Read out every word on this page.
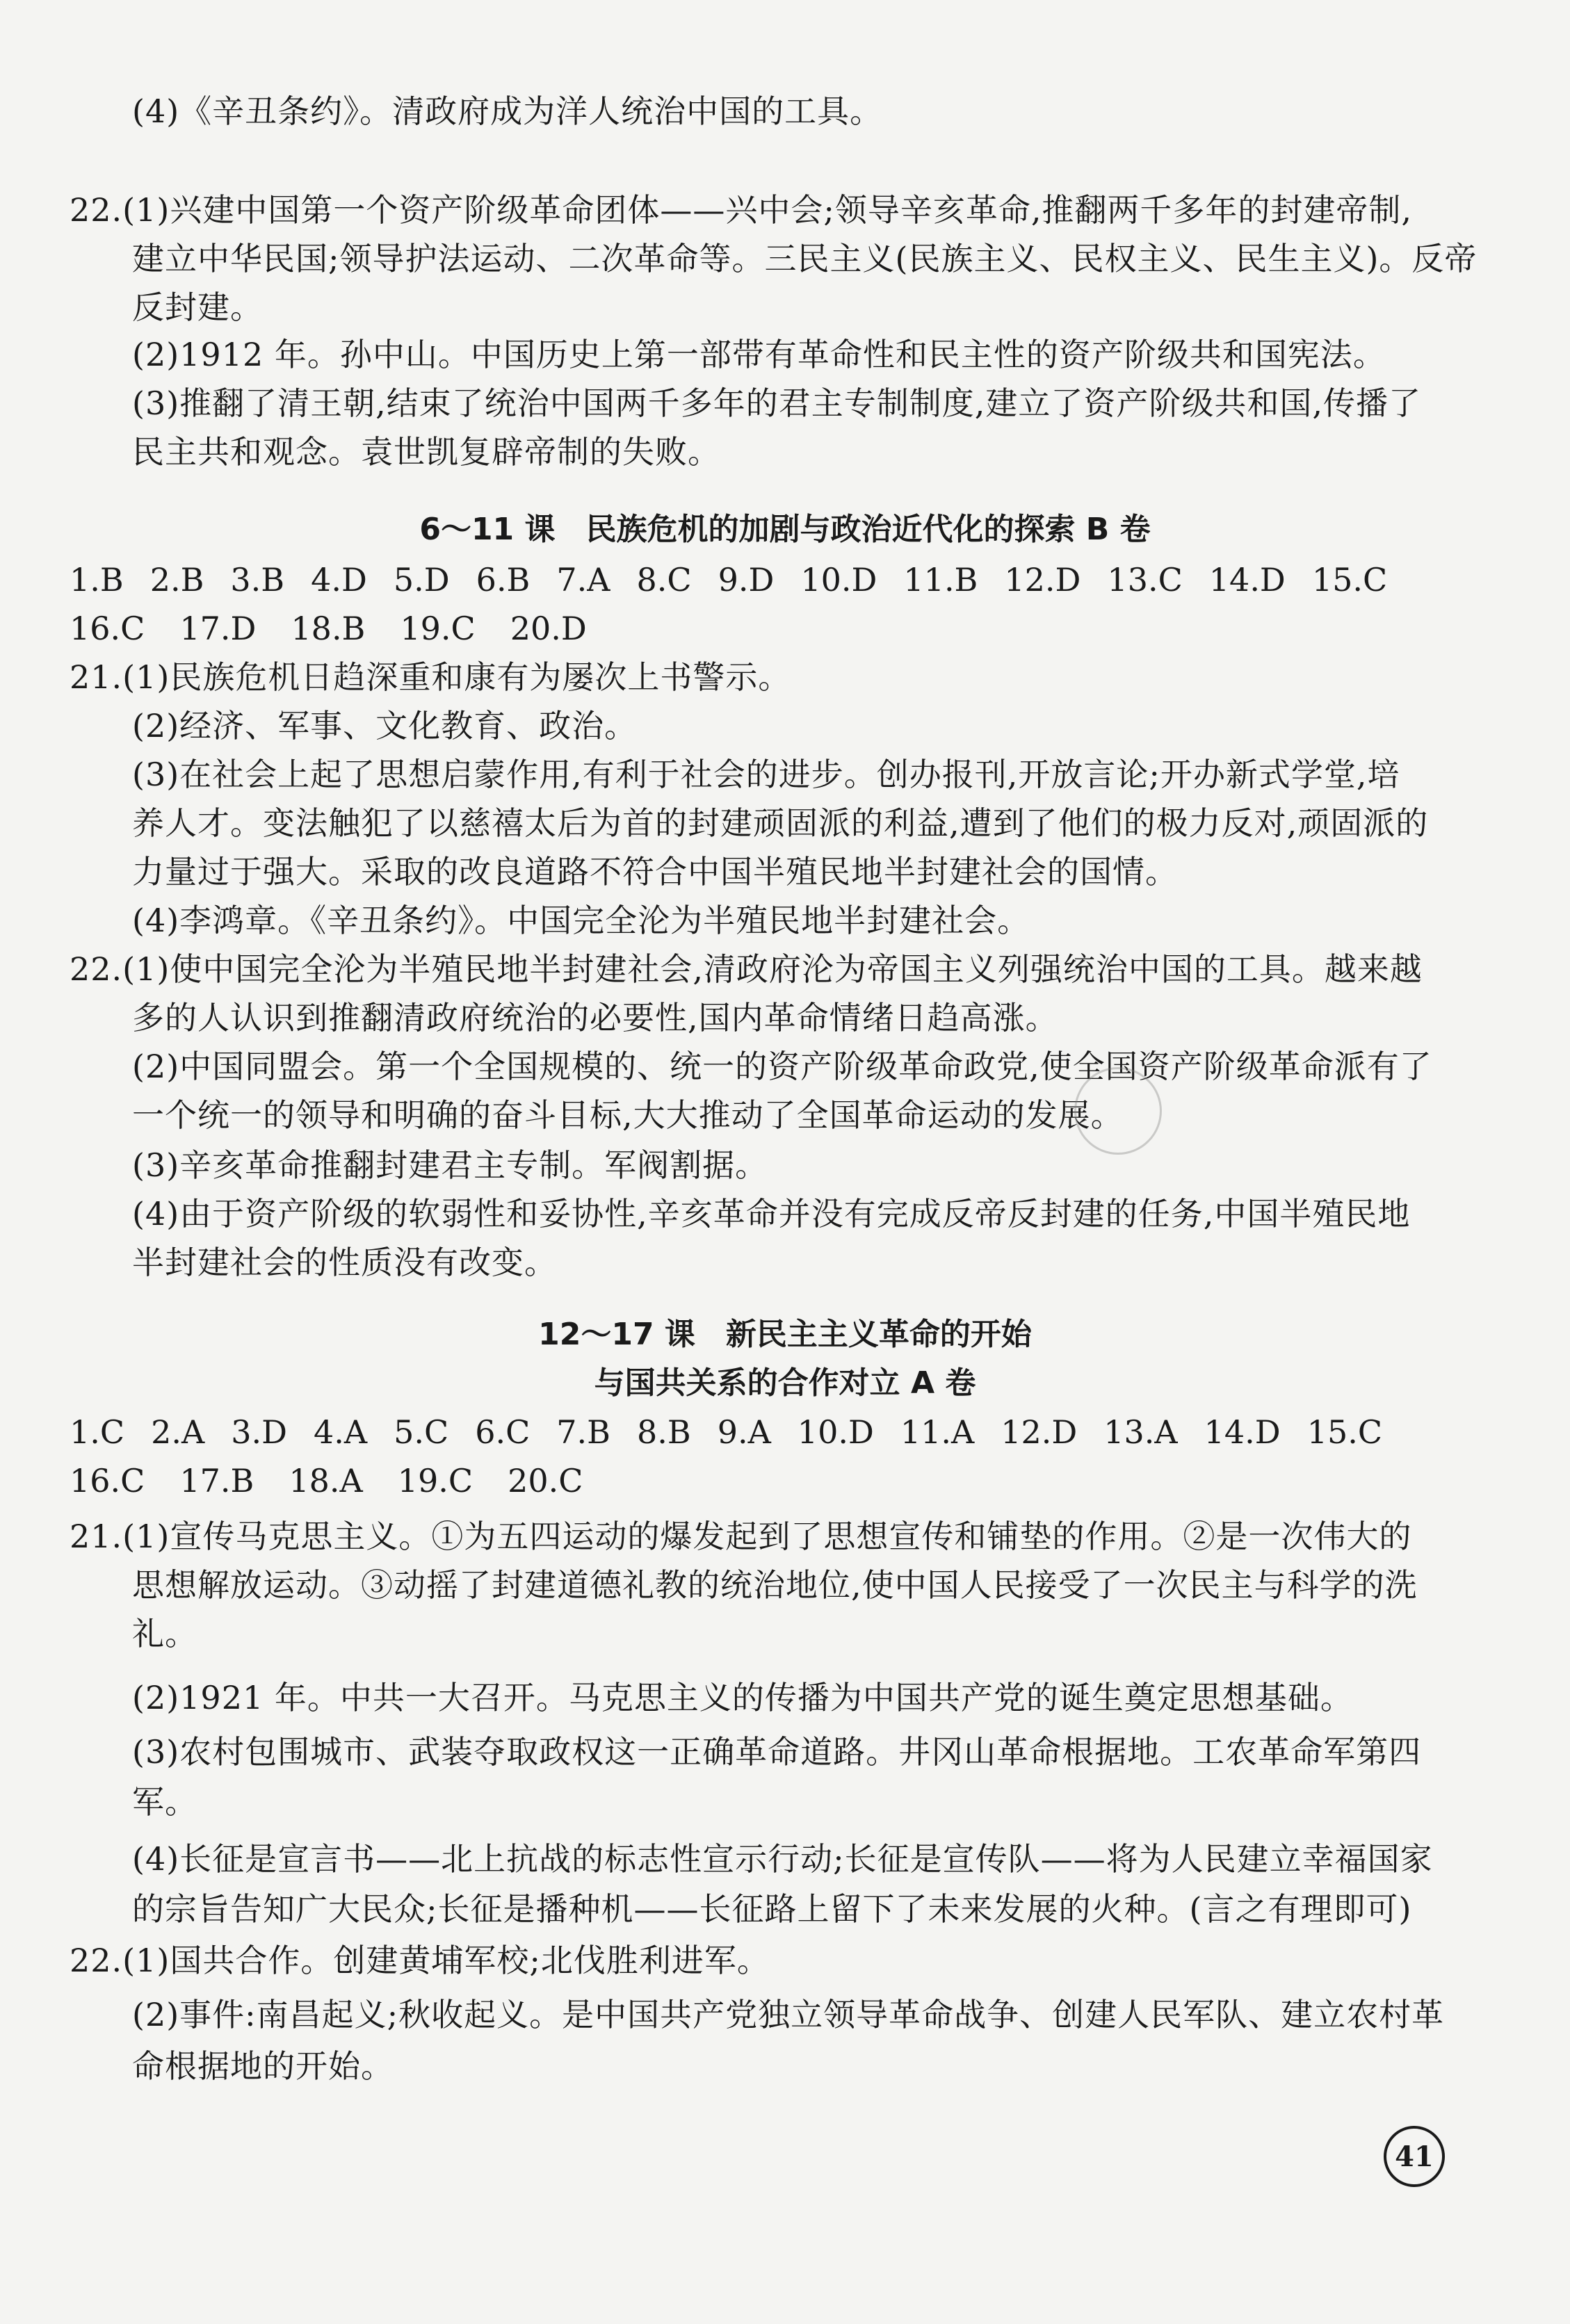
(4)《辛丑条约》。清政府成为洋人统治中国的工具。
22.(1)兴建中国第一个资产阶级革命团体——兴中会;领导辛亥革命,推翻两千多年的封建帝制,
建立中华民国;领导护法运动、二次革命等。三民主义(民族主义、民权主义、民生主义)。反帝
反封建。
(2)1912 年。孙中山。中国历史上第一部带有革命性和民主性的资产阶级共和国宪法。
(3)推翻了清王朝,结束了统治中国两千多年的君主专制制度,建立了资产阶级共和国,传播了
民主共和观念。袁世凯复辟帝制的失败。
6～11 课　民族危机的加剧与政治近代化的探索 B 卷
1.B 2.B 3.B 4.D 5.D 6.B 7.A 8.C 9.D 10.D 11.B 12.D 13.C 14.D 15.C
16.C 17.D 18.B 19.C 20.D
21.(1)民族危机日趋深重和康有为屡次上书警示。
(2)经济、军事、文化教育、政治。
(3)在社会上起了思想启蒙作用,有利于社会的进步。创办报刊,开放言论;开办新式学堂,培
养人才。变法触犯了以慈禧太后为首的封建顽固派的利益,遭到了他们的极力反对,顽固派的
力量过于强大。采取的改良道路不符合中国半殖民地半封建社会的国情。
(4)李鸿章。《辛丑条约》。中国完全沦为半殖民地半封建社会。
22.(1)使中国完全沦为半殖民地半封建社会,清政府沦为帝国主义列强统治中国的工具。越来越
多的人认识到推翻清政府统治的必要性,国内革命情绪日趋高涨。
(2)中国同盟会。第一个全国规模的、统一的资产阶级革命政党,使全国资产阶级革命派有了
一个统一的领导和明确的奋斗目标,大大推动了全国革命运动的发展。
(3)辛亥革命推翻封建君主专制。军阀割据。
(4)由于资产阶级的软弱性和妥协性,辛亥革命并没有完成反帝反封建的任务,中国半殖民地
半封建社会的性质没有改变。
12～17 课　新民主主义革命的开始
与国共关系的合作对立 A 卷
1.C 2.A 3.D 4.A 5.C 6.C 7.B 8.B 9.A 10.D 11.A 12.D 13.A 14.D 15.C
16.C 17.B 18.A 19.C 20.C
21.(1)宣传马克思主义。①为五四运动的爆发起到了思想宣传和铺垫的作用。②是一次伟大的
思想解放运动。③动摇了封建道德礼教的统治地位,使中国人民接受了一次民主与科学的洗
礼。
(2)1921 年。中共一大召开。马克思主义的传播为中国共产党的诞生奠定思想基础。
(3)农村包围城市、武装夺取政权这一正确革命道路。井冈山革命根据地。工农革命军第四
军。
(4)长征是宣言书——北上抗战的标志性宣示行动;长征是宣传队——将为人民建立幸福国家
的宗旨告知广大民众;长征是播种机——长征路上留下了未来发展的火种。(言之有理即可)
22.(1)国共合作。创建黄埔军校;北伐胜利进军。
(2)事件:南昌起义;秋收起义。是中国共产党独立领导革命战争、创建人民军队、建立农村革
命根据地的开始。
41
